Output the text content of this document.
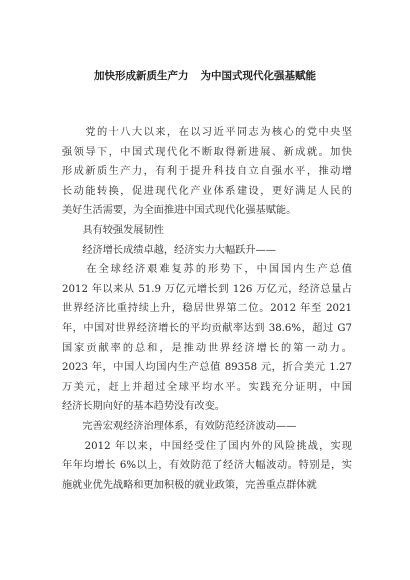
加快形成新质生产力 为中国式现代化强基赋能
　　党的十八大以来，在以习近平同志为核心的党中央坚
强领导下，中国式现代化不断取得新进展、新成就。加快
形成新质生产力，有利于提升科技自立自强水平，推动增
长动能转换，促进现代化产业体系建设，更好满足人民的
美好生活需要，为全面推进中国式现代化强基赋能。
　　具有较强发展韧性
　　经济增长成绩卓越，经济实力大幅跃升——
　　在全球经济艰难复苏的形势下，中国国内生产总值
2012 年以来从 51.9 万亿元增长到 126 万亿元，经济总量占
世界经济比重持续上升，稳居世界第二位。2012 年至 2021
年，中国对世界经济增长的平均贡献率达到 38.6%，超过 G7
国家贡献率的总和，是推动世界经济增长的第一动力。
2023 年，中国人均国内生产总值 89358 元，折合美元 1.27
万美元，赶上并超过全球平均水平。实践充分证明，中国
经济长期向好的基本趋势没有改变。
　　完善宏观经济治理体系，有效防范经济波动——
　　2012 年以来，中国经受住了国内外的风险挑战，实现
年年均增长 6%以上，有效防范了经济大幅波动。特别是，实
施就业优先战略和更加积极的就业政策，完善重点群体就
